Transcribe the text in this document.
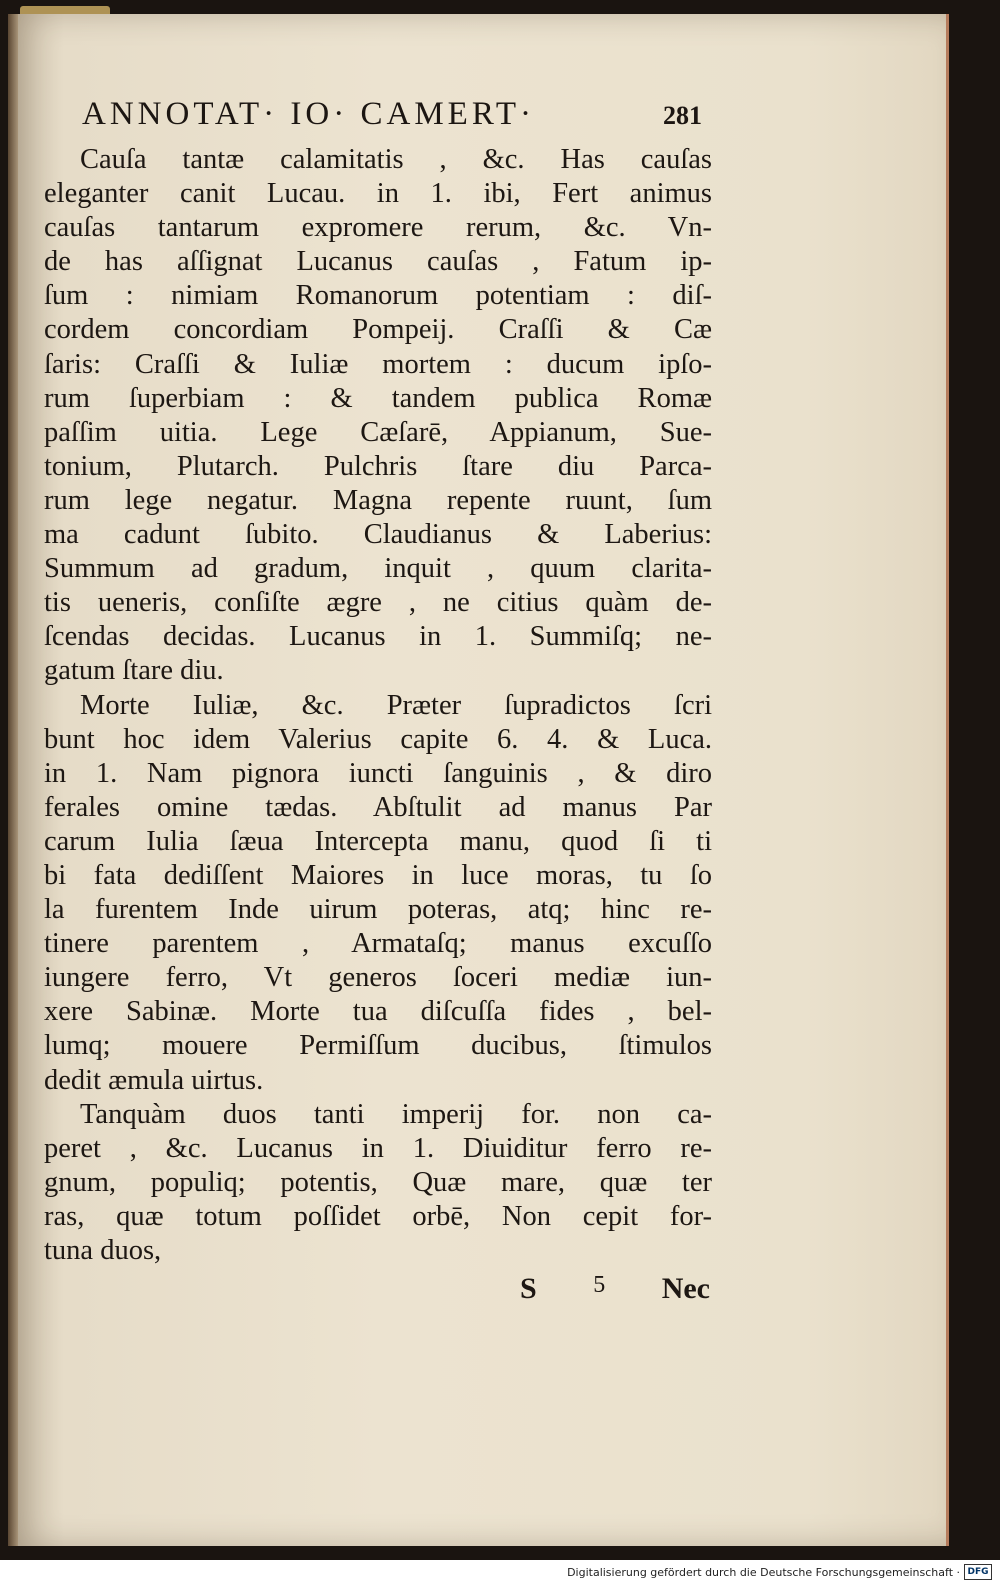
ANNOTAT· IO· CAMERT·	281
Cauſa tantæ calamitatis , &c. Has cauſas
eleganter canit Lucau. in 1. ibi, Fert animus
cauſas tantarum expromere rerum, &c. Vn-
de has aſſignat Lucanus cauſas , Fatum ip-
ſum : nimiam Romanorum potentiam : diſ-
cordem concordiam Pompeij. Craſſi & Cæ
ſaris: Craſſi & Iuliæ mortem : ducum ipſo-
rum ſuperbiam : & tandem publica Romæ
paſſim uitia. Lege Cæſarē, Appianum, Sue-
tonium, Plutarch. Pulchris ſtare diu Parca-
rum lege negatur. Magna repente ruunt, ſum
ma cadunt ſubito. Claudianus & Laberius:
Summum ad gradum, inquit , quum clarita-
tis ueneris, conſiſte ægre , ne citius quàm de-
ſcendas decidas. Lucanus in 1. Summiſq; ne-
gatum ſtare diu.
Morte Iuliæ, &c. Præter ſupradictos ſcri
bunt hoc idem Valerius capite 6. 4. & Luca.
in 1. Nam pignora iuncti ſanguinis , & diro
ferales omine tædas. Abſtulit ad manus Par
carum Iulia ſæua Intercepta manu, quod ſi ti
bi fata dediſſent Maiores in luce moras, tu ſo
la furentem Inde uirum poteras, atq; hinc re-
tinere parentem , Armataſq; manus excuſſo
iungere ferro, Vt generos ſoceri mediæ iun-
xere Sabinæ. Morte tua diſcuſſa fides , bel-
lumq; mouere Permiſſum ducibus, ſtimulos
dedit æmula uirtus.
Tanquàm duos tanti imperij for. non ca-
peret , &c. Lucanus in 1. Diuiditur ferro re-
gnum, populiq; potentis, Quæ mare, quæ ter
ras, quæ totum poſſidet orbē, Non cepit for-
tuna duos,
S 5 Nec
Digitalisierung gefördert durch die Deutsche Forschungsgemeinschaft · DFG
